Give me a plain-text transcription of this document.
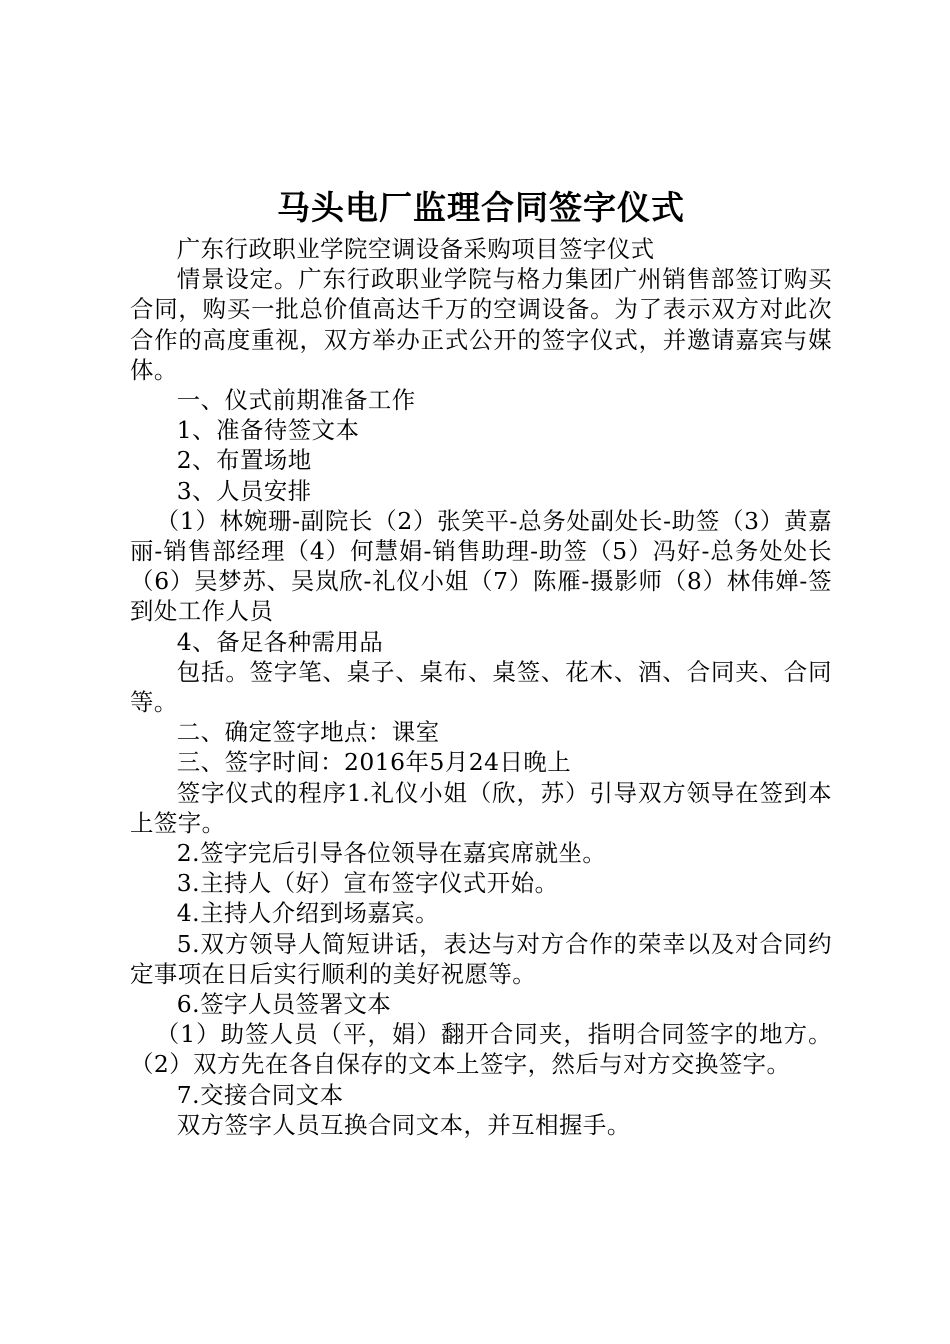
马头电厂监理合同签字仪式

广东行政职业学院空调设备采购项目签字仪式

情景设定。广东行政职业学院与格力集团广州销售部签订购买合同，购买一批总价值高达千万的空调设备。为了表示双方对此次合作的高度重视，双方举办正式公开的签字仪式，并邀请嘉宾与媒体。

一、仪式前期准备工作

1、准备待签文本

2、布置场地

3、人员安排

（1）林婉珊-副院长（2）张笑平-总务处副处长-助签（3）黄嘉丽-销售部经理（4）何慧娟-销售助理-助签（5）冯好-总务处处长（6）吴梦苏、吴岚欣-礼仪小姐（7）陈雁-摄影师（8）林伟婵-签到处工作人员

4、备足各种需用品

包括。签字笔、桌子、桌布、桌签、花木、酒、合同夹、合同等。

二、确定签字地点：课室

三、签字时间：2016年5月24日晚上

签字仪式的程序1.礼仪小姐（欣，苏）引导双方领导在签到本上签字。

2.签字完后引导各位领导在嘉宾席就坐。

3.主持人（好）宣布签字仪式开始。

4.主持人介绍到场嘉宾。

5.双方领导人简短讲话，表达与对方合作的荣幸以及对合同约定事项在日后实行顺利的美好祝愿等。

6.签字人员签署文本

（1）助签人员（平，娟）翻开合同夹，指明合同签字的地方。（2）双方先在各自保存的文本上签字，然后与对方交换签字。

7.交接合同文本

双方签字人员互换合同文本，并互相握手。
